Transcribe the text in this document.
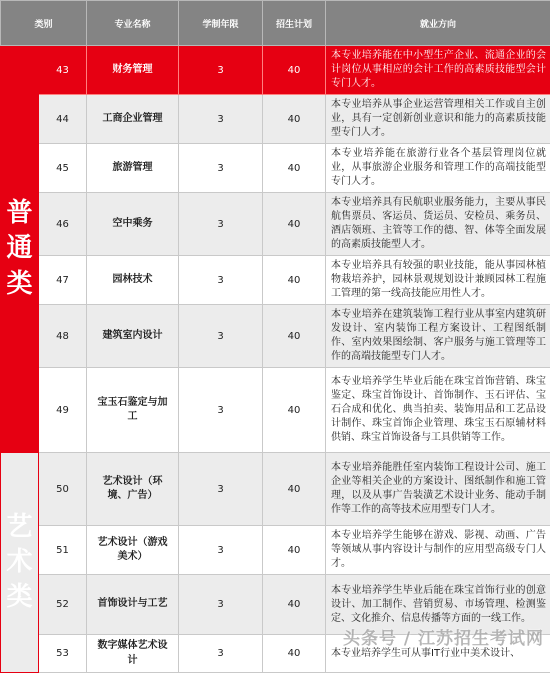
类别		专业名称	学制年限	招生计划	就业方向

普
通
类	43	财务管理	3	40	本专业培养能在中小型生产企业、流通企业的会计岗位从事相应的会计工作的高素质技能型会计专门人才。
	44	工商企业管理	3	40	本专业培养从事企业运营管理相关工作或自主创业，具有一定创新创业意识和能力的高素质技能型专门人才。
	45	旅游管理	3	40	本专业培养能在旅游行业各个基层管理岗位就业，从事旅游企业服务和管理工作的高端技能型专门人才。
	46	空中乘务	3	40	本专业培养具有民航职业服务能力，主要从事民航售票员、客运员、货运员、安检员、乘务员、酒店领班、主管等工作的德、智、体等全面发展的高素质技能型人才。
	47	园林技术	3	40	本专业培养具有较强的职业技能，能从事园林植物栽培养护，园林景观规划设计兼顾园林工程施工管理的第一线高技能应用性人才。
	48	建筑室内设计	3	40	本专业培养在建筑装饰工程行业从事室内建筑研发设计、室内装饰工程方案设计、工程图纸制作、室内效果图绘制、客户服务与施工管理等工作的高端技能型专门人才。
	49	宝玉石鉴定与加工	3	40	本专业培养学生毕业后能在珠宝首饰营销、珠宝鉴定、珠宝首饰设计、首饰制作、玉石评估、宝石合成和优化、典当拍卖、装饰用品和工艺品设计制作、珠宝首饰企业管理、珠宝玉石原辅材料供销、珠宝首饰设备与工具供销等工作。

艺
术
类	50	艺术设计（环境、广告）	3	40	本专业培养能胜任室内装饰工程设计公司、施工企业等相关企业的方案设计、图纸制作和施工管理，以及从事广告装潢艺术设计业务、能动手制作等工作的高等技术应用型专门人才。
	51	艺术设计（游戏美术）	3	40	本专业培养学生能够在游戏、影视、动画、广告等领域从事内容设计与制作的应用型高级专门人才。
	52	首饰设计与工艺	3	40	本专业培养学生毕业后能在珠宝首饰行业的创意设计、加工制作、营销贸易、市场管理、检测鉴定、文化推介、信息传播等方面的一线工作。
	53	数字媒体艺术设计	3	40	本专业培养学生可从事IT行业中美术设计、
头条号 / 江苏招生考试网
